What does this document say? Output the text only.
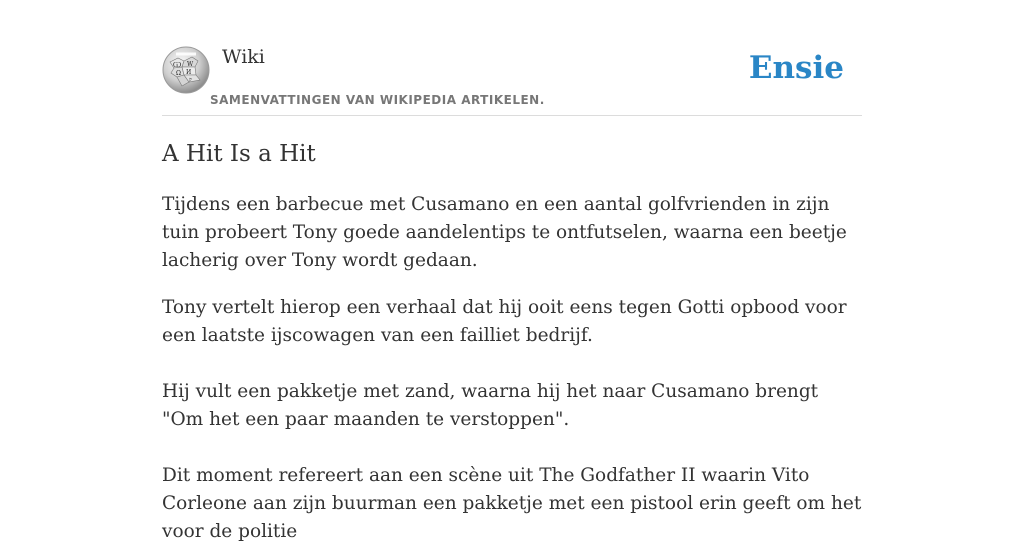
Ѡ W
Ω И
ק
Wiki
SAMENVATTINGEN VAN WIKIPEDIA ARTIKELEN.
Ensie
A Hit Is a Hit

Tijdens een barbecue met Cusamano en een aantal golfvrienden in zijn tuin probeert Tony goede aandelentips te ontfutselen, waarna een beetje lacherig over Tony wordt gedaan.

Tony vertelt hierop een verhaal dat hij ooit eens tegen Gotti opbood voor een laatste ijscowagen van een failliet bedrijf.

Hij vult een pakketje met zand, waarna hij het naar Cusamano brengt "Om het een paar maanden te verstoppen".

Dit moment refereert aan een scène uit The Godfather II waarin Vito Corleone aan zijn buurman een pakketje met een pistool erin geeft om het voor de politie
